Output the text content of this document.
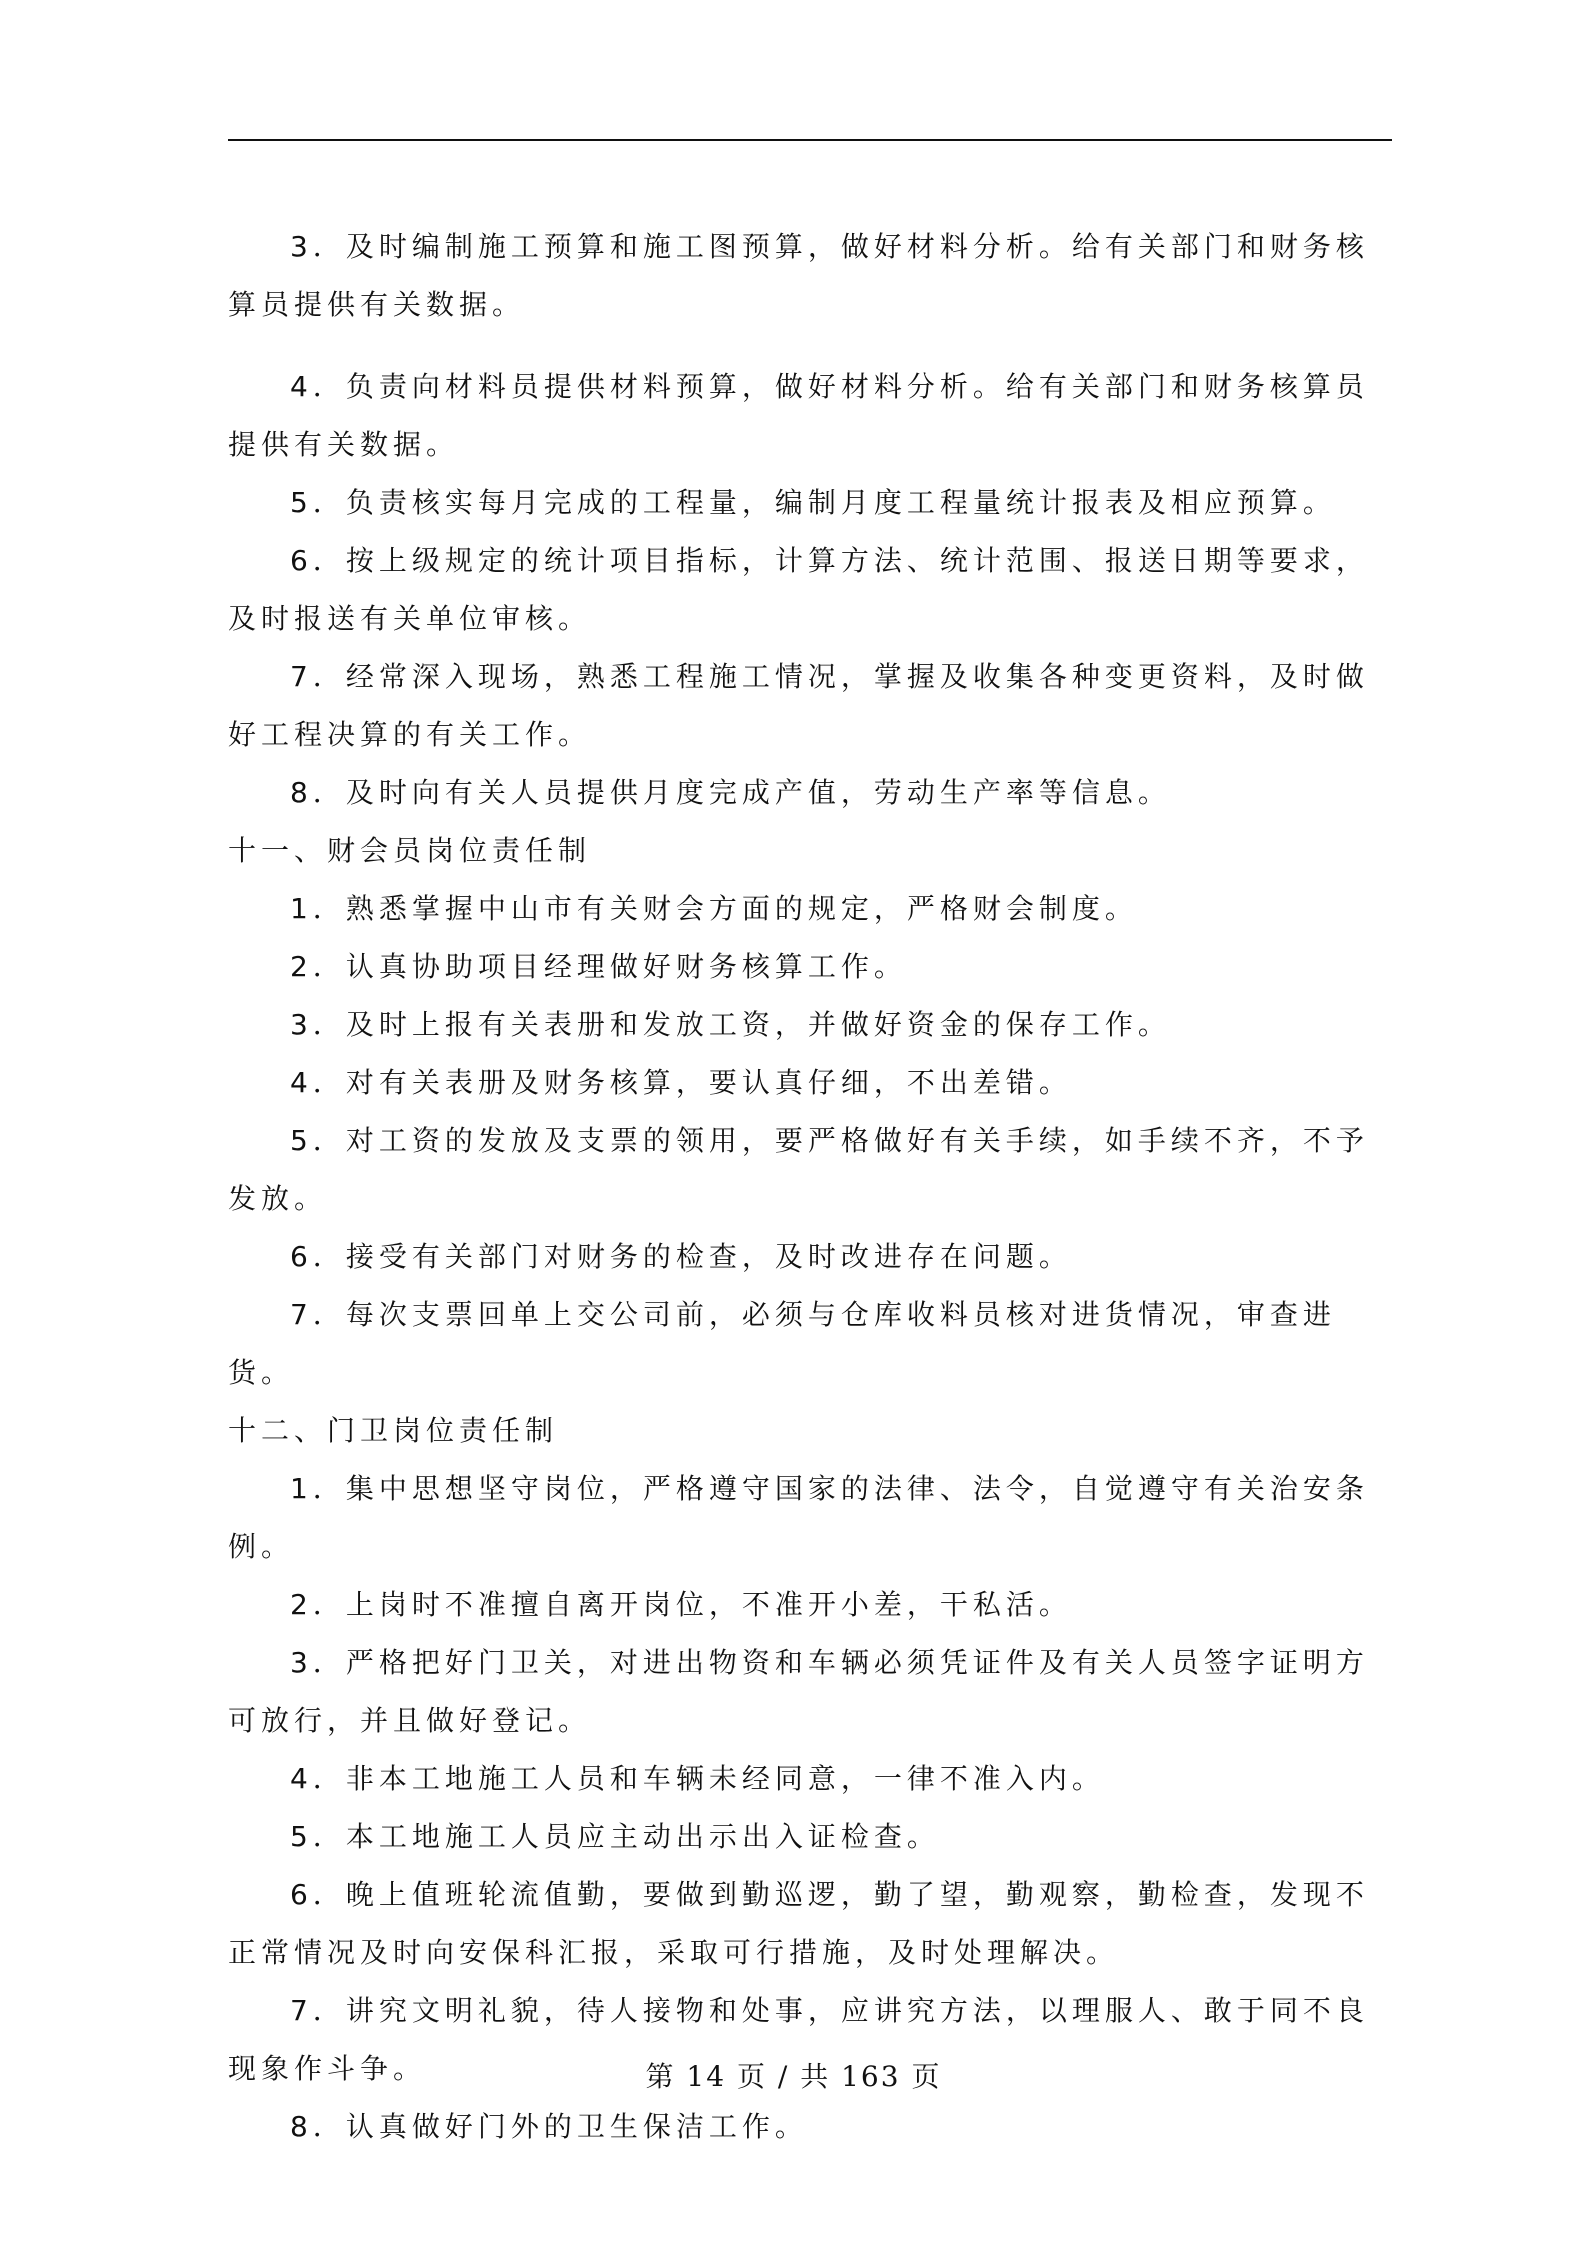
3．及时编制施工预算和施工图预算，做好材料分析。给有关部门和财务核算员提供有关数据。

4．负责向材料员提供材料预算，做好材料分析。给有关部门和财务核算员提供有关数据。

5．负责核实每月完成的工程量，编制月度工程量统计报表及相应预算。

6．按上级规定的统计项目指标，计算方法、统计范围、报送日期等要求，及时报送有关单位审核。

7．经常深入现场，熟悉工程施工情况，掌握及收集各种变更资料，及时做好工程决算的有关工作。

8．及时向有关人员提供月度完成产值，劳动生产率等信息。

十一、财会员岗位责任制

1．熟悉掌握中山市有关财会方面的规定，严格财会制度。

2．认真协助项目经理做好财务核算工作。

3．及时上报有关表册和发放工资，并做好资金的保存工作。

4．对有关表册及财务核算，要认真仔细，不出差错。

5．对工资的发放及支票的领用，要严格做好有关手续，如手续不齐，不予发放。

6．接受有关部门对财务的检查，及时改进存在问题。

7．每次支票回单上交公司前，必须与仓库收料员核对进货情况，审查进货。

十二、门卫岗位责任制

1．集中思想坚守岗位，严格遵守国家的法律、法令，自觉遵守有关治安条例。

2．上岗时不准擅自离开岗位，不准开小差，干私活。

3．严格把好门卫关，对进出物资和车辆必须凭证件及有关人员签字证明方可放行，并且做好登记。

4．非本工地施工人员和车辆未经同意，一律不准入内。

5．本工地施工人员应主动出示出入证检查。

6．晚上值班轮流值勤，要做到勤巡逻，勤了望，勤观察，勤检查，发现不正常情况及时向安保科汇报，采取可行措施，及时处理解决。

7．讲究文明礼貌，待人接物和处事，应讲究方法，以理服人、敢于同不良现象作斗争。

8．认真做好门外的卫生保洁工作。

第 14 页 / 共 163 页
